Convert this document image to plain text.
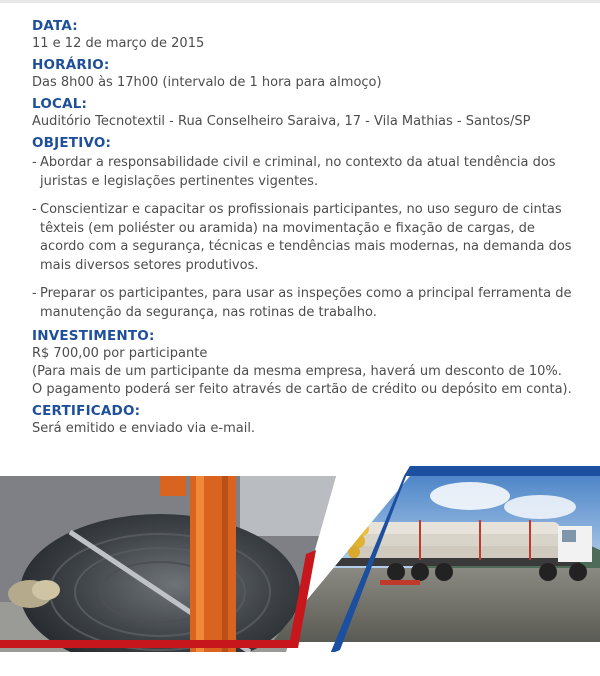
DATA:

11 e 12 de março de 2015

HORÁRIO:

Das 8h00 às 17h00 (intervalo de 1 hora para almoço)

LOCAL:

Auditório Tecnotextil - Rua Conselheiro Saraiva, 17 - Vila Mathias - Santos/SP

OBJETIVO:

- Abordar a responsabilidade civil e criminal, no contexto da atual tendência dos juristas e legislações pertinentes vigentes.

- Conscientizar e capacitar os profissionais participantes, no uso seguro de cintas têxteis (em poliéster ou aramida) na movimentação e fixação de cargas, de acordo com a segurança, técnicas e tendências mais modernas, na demanda dos mais diversos setores produtivos.

- Preparar os participantes, para usar as inspeções como a principal ferramenta de manutenção da segurança, nas rotinas de trabalho.

INVESTIMENTO:

R$ 700,00 por participante

(Para mais de um participante da mesma empresa, haverá um desconto de 10%.

O pagamento poderá ser feito através de cartão de crédito ou depósito em conta).

CERTIFICADO:

Será emitido e enviado via e-mail.
